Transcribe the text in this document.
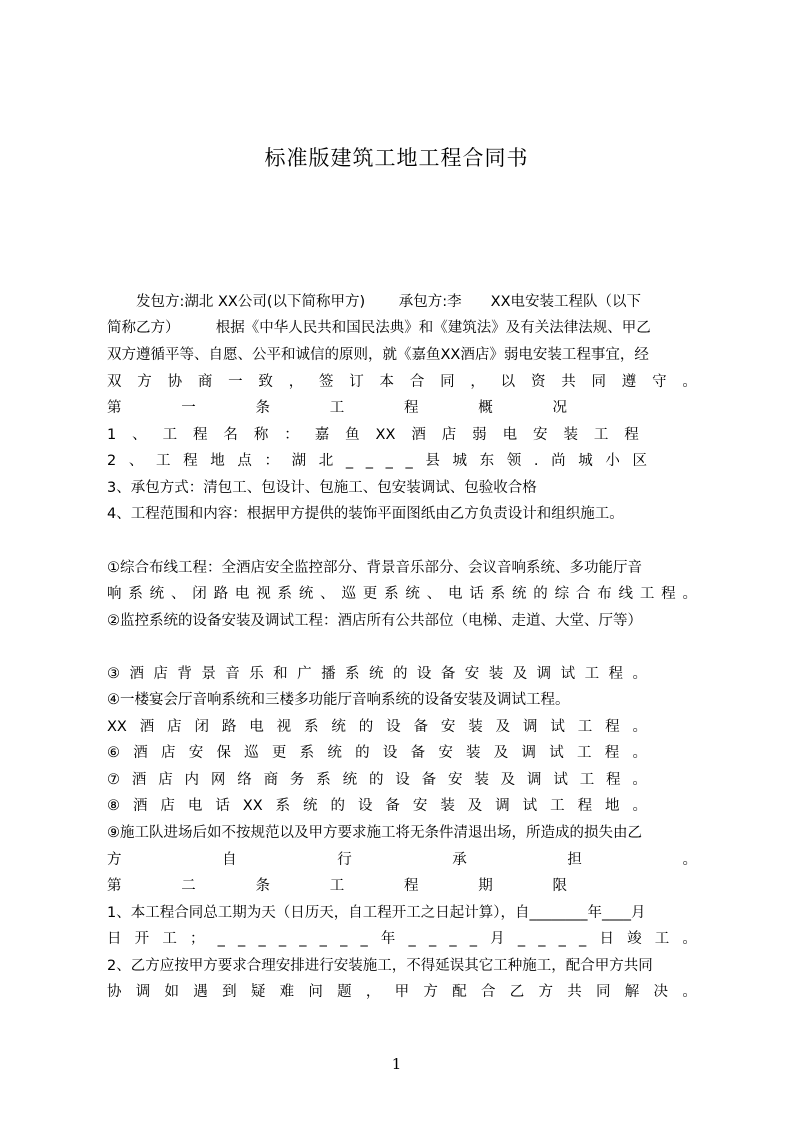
标准版建筑工地工程合同书
　　发包方:湖北 XX公司(以下简称甲方)　　 承包方:李　　XX电安装工程队（以下
简称乙方）　　　根据《中华人民共和国民法典》和《建筑法》及有关法律法规、甲乙
双方遵循平等、自愿、公平和诚信的原则，就《嘉鱼XX酒店》弱电安装工程事宜，经
双 方 协 商 一 致 ， 签 订 本 合 同 ， 以 资 共 同 遵 守 。
第	一	条	工	程	概	况
1 、 工 程 名 称 ： 嘉 鱼 XX 酒 店 弱 电 安 装 工 程
2 、 工 程 地 点 ： 湖 北 _ _ _ _ 县 城 东 领 . 尚 城 小 区
3、承包方式：清包工、包设计、包施工、包安装调试、包验收合格
4、工程范围和内容：根据甲方提供的装饰平面图纸由乙方负责设计和组织施工。
①综合布线工程：全酒店安全监控部分、背景音乐部分、会议音响系统、多功能厅音
响 系 统 、 闭 路 电 视 系 统 、 巡 更 系 统 、 电 话 系 统 的 综 合 布 线 工 程 。
②监控系统的设备安装及调试工程：酒店所有公共部位（电梯、走道、大堂、厅等）
③ 酒 店 背 景 音 乐 和 广 播 系 统 的 设 备 安 装 及 调 试 工 程 。
④一楼宴会厅音响系统和三楼多功能厅音响系统的设备安装及调试工程。
XX 酒 店 闭 路 电 视 系 统 的 设 备 安 装 及 调 试 工 程 。
⑥ 酒 店 安 保 巡 更 系 统 的 设 备 安 装 及 调 试 工 程 。
⑦ 酒 店 内 网 络 商 务 系 统 的 设 备 安 装 及 调 试 工 程 。
⑧ 酒 店 电 话 XX 系 统 的 设 备 安 装 及 调 试 工 程 地 。
⑨施工队进场后如不按规范以及甲方要求施工将无条件清退出场，所造成的损失由乙
方	自	行	承	担	。
第	二	条	工	程	期	限
1、本工程合同总工期为天（日历天，自工程开工之日起计算），自________年____月
日 开 工 ； _ _ _ _ _ _ _ _ 年 _ _ _ _ 月 _ _ _ _ 日 竣 工 。
2、乙方应按甲方要求合理安排进行安装施工，不得延误其它工种施工，配合甲方共同
协 调 如 遇 到 疑 难 问 题 ， 甲 方 配 合 乙 方 共 同 解 决 。
1
